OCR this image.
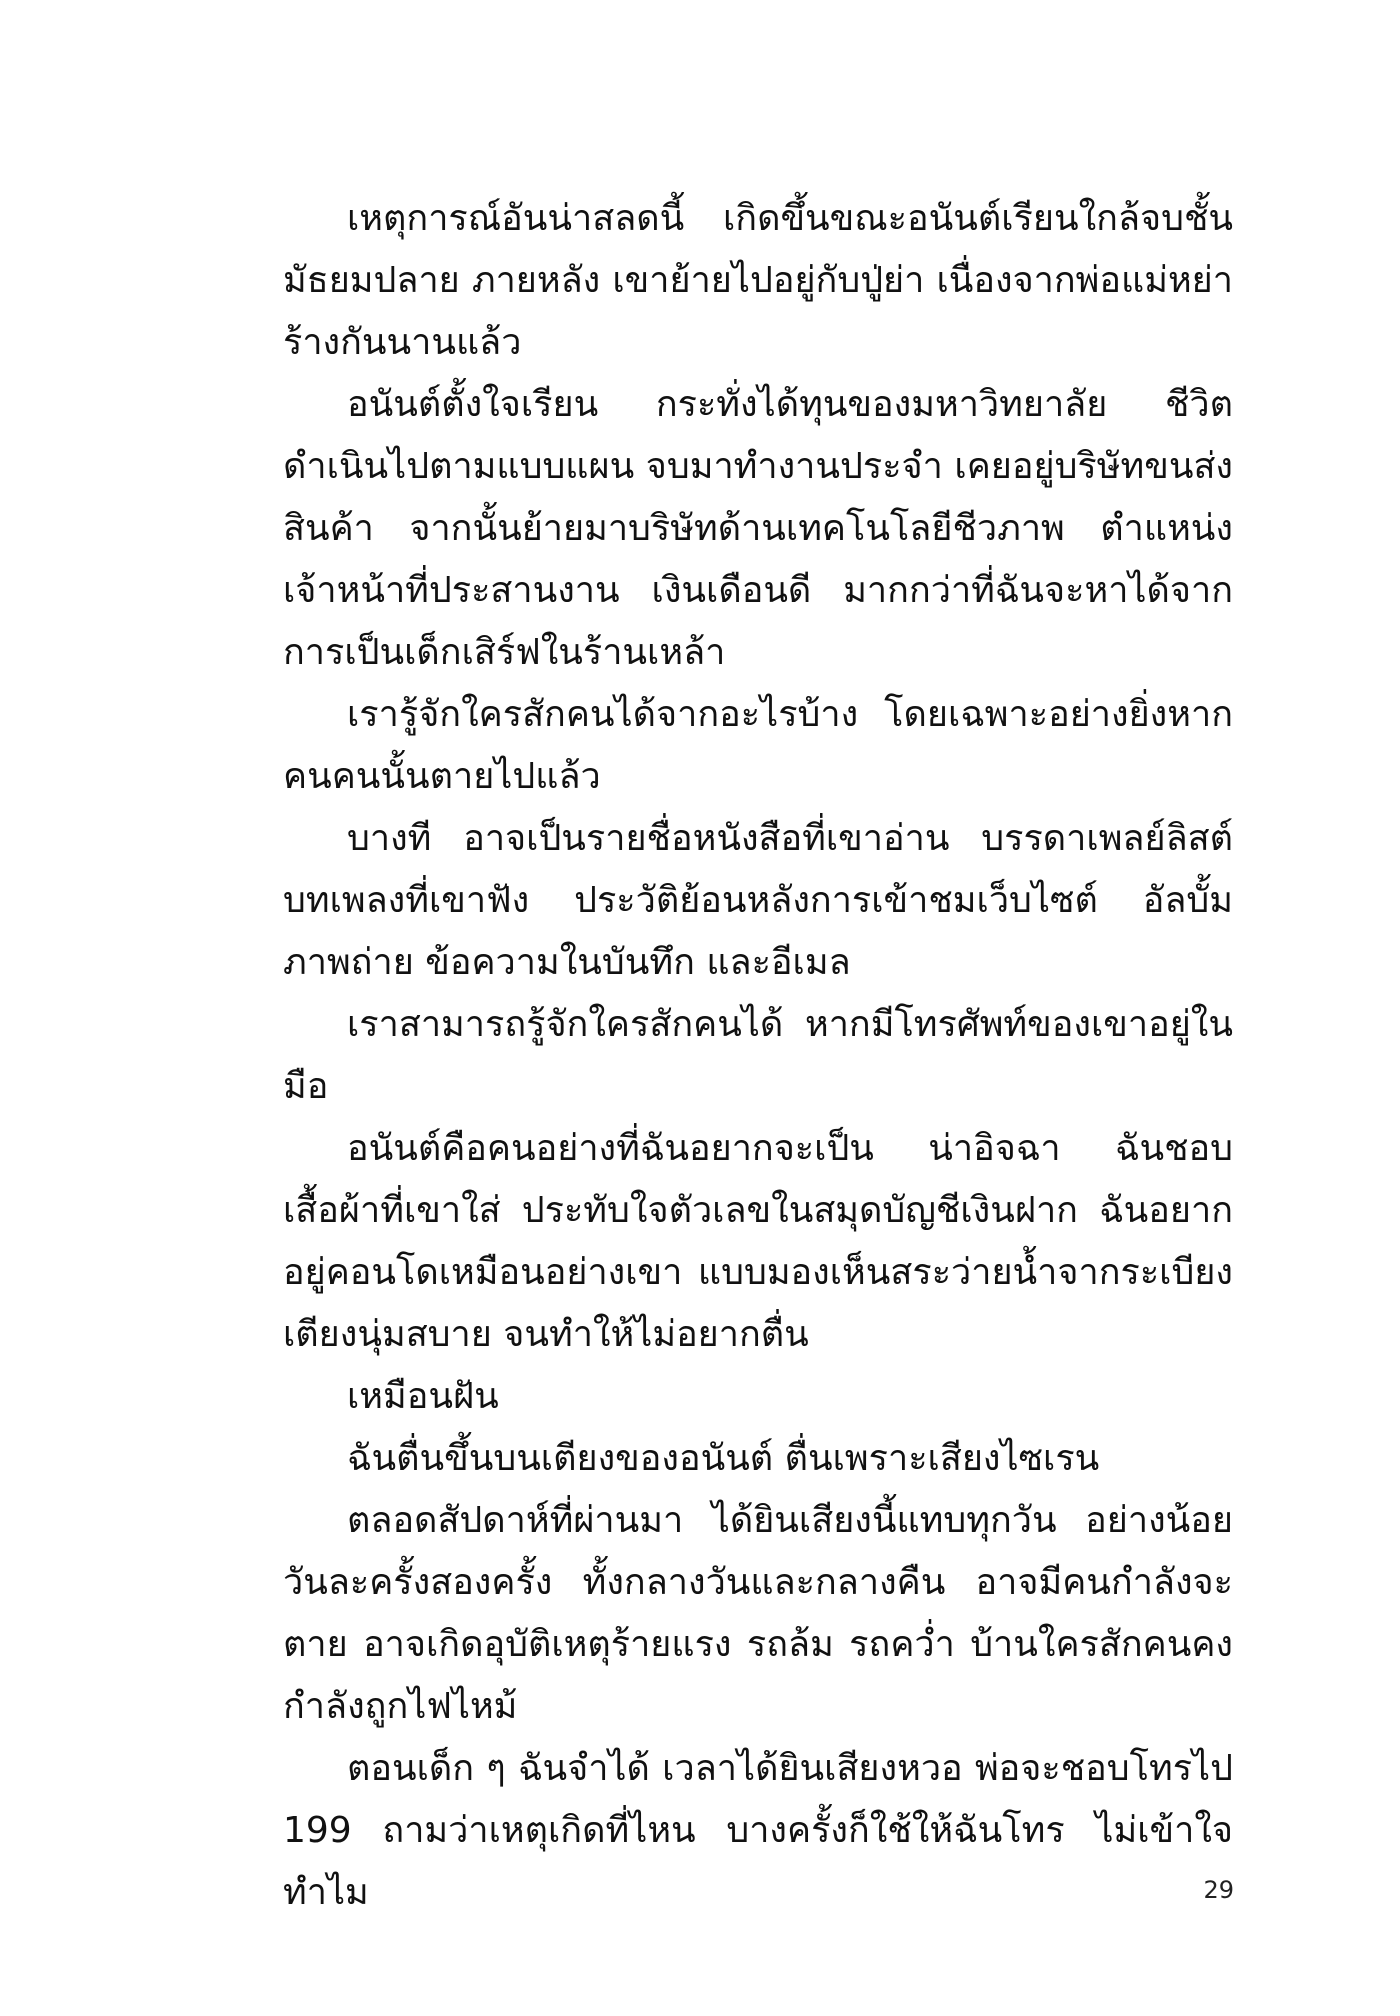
เหตุการณ์อันน่าสลดนี้ เกิดขึ้นขณะอนันต์เรียนใกล้จบชั้นมัธยมปลาย ภายหลัง เขาย้ายไปอยู่กับปู่ย่า เนื่องจากพ่อแม่หย่าร้างกันนานแล้ว

อนันต์ตั้งใจเรียน กระทั่งได้ทุนของมหาวิทยาลัย ชีวิตดำเนินไปตามแบบแผน จบมาทำงานประจำ เคยอยู่บริษัทขนส่งสินค้า จากนั้นย้ายมาบริษัทด้านเทคโนโลยีชีวภาพ ตำแหน่งเจ้าหน้าที่ประสานงาน เงินเดือนดี มากกว่าที่ฉันจะหาได้จากการเป็นเด็กเสิร์ฟในร้านเหล้า

เรารู้จักใครสักคนได้จากอะไรบ้าง โดยเฉพาะอย่างยิ่งหากคนคนนั้นตายไปแล้ว

บางที อาจเป็นรายชื่อหนังสือที่เขาอ่าน บรรดาเพลย์ลิสต์บทเพลงที่เขาฟัง ประวัติย้อนหลังการเข้าชมเว็บไซต์ อัลบั้มภาพถ่าย ข้อความในบันทึก และอีเมล

เราสามารถรู้จักใครสักคนได้ หากมีโทรศัพท์ของเขาอยู่ในมือ

อนันต์คือคนอย่างที่ฉันอยากจะเป็น น่าอิจฉา ฉันชอบเสื้อผ้าที่เขาใส่ ประทับใจตัวเลขในสมุดบัญชีเงินฝาก ฉันอยากอยู่คอนโดเหมือนอย่างเขา แบบมองเห็นสระว่ายน้ำจากระเบียง เตียงนุ่มสบาย จนทำให้ไม่อยากตื่น

เหมือนฝัน

ฉันตื่นขึ้นบนเตียงของอนันต์ ตื่นเพราะเสียงไซเรน

ตลอดสัปดาห์ที่ผ่านมา ได้ยินเสียงนี้แทบทุกวัน อย่างน้อยวันละครั้งสองครั้ง ทั้งกลางวันและกลางคืน อาจมีคนกำลังจะตาย อาจเกิดอุบัติเหตุร้ายแรง รถล้ม รถคว่ำ บ้านใครสักคนคงกำลังถูกไฟไหม้

ตอนเด็ก ๆ ฉันจำได้ เวลาได้ยินเสียงหวอ พ่อจะชอบโทรไป 199 ถามว่าเหตุเกิดที่ไหน บางครั้งก็ใช้ให้ฉันโทร ไม่เข้าใจ ทำไม	29
